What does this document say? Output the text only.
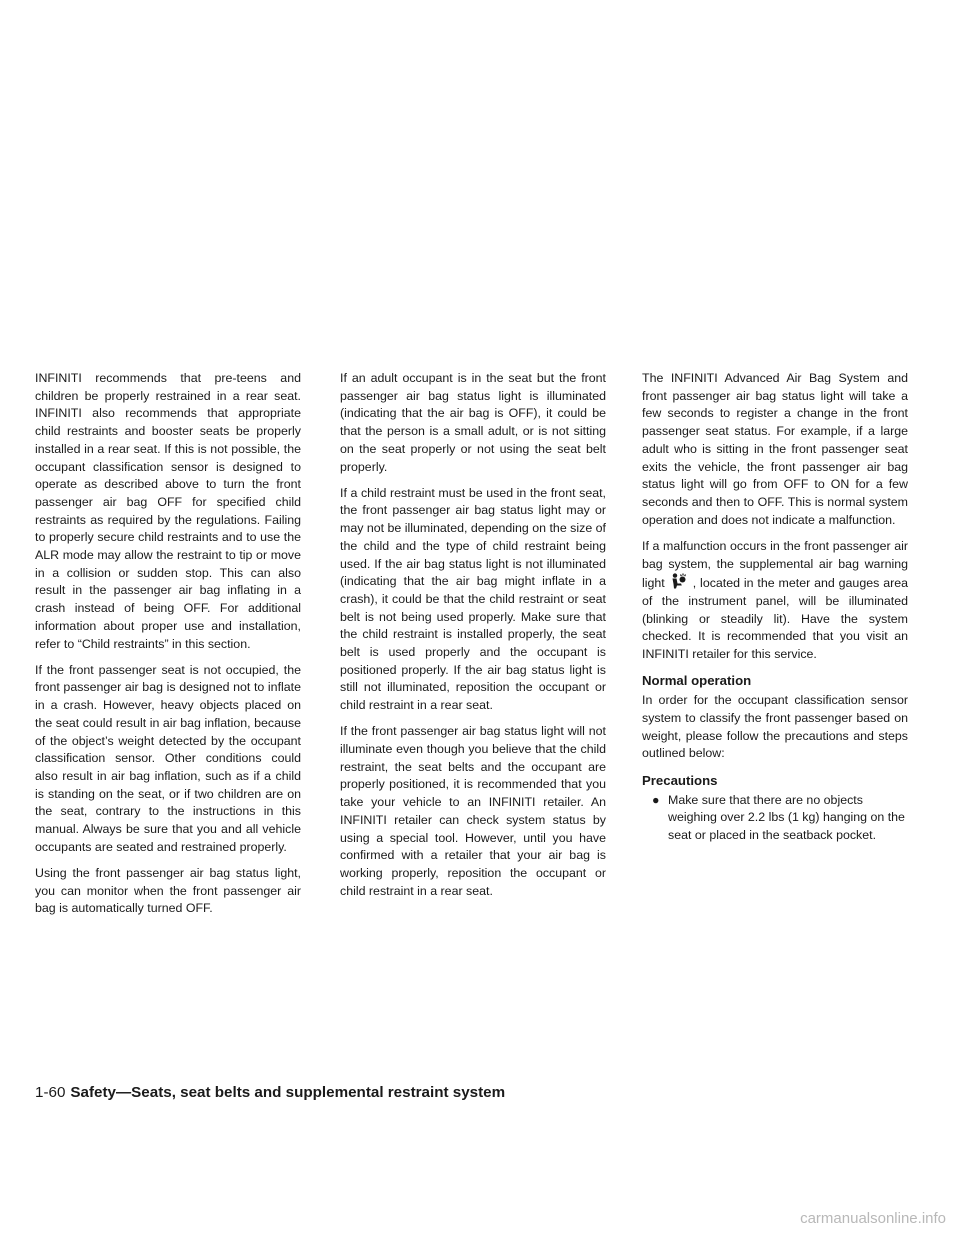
INFINITI recommends that pre-teens and children be properly restrained in a rear seat. INFINITI also recommends that appropriate child restraints and booster seats be properly installed in a rear seat. If this is not possible, the occupant classification sensor is designed to operate as described above to turn the front passenger air bag OFF for specified child restraints as required by the regulations. Failing to properly secure child restraints and to use the ALR mode may allow the restraint to tip or move in a collision or sudden stop. This can also result in the passenger air bag inflating in a crash instead of being OFF. For additional information about proper use and installation, refer to “Child restraints” in this section.

If the front passenger seat is not occupied, the front passenger air bag is designed not to inflate in a crash. However, heavy objects placed on the seat could result in air bag inflation, because of the object’s weight detected by the occupant classification sensor. Other conditions could also result in air bag inflation, such as if a child is standing on the seat, or if two children are on the seat, contrary to the instructions in this manual. Always be sure that you and all vehicle occupants are seated and restrained properly.

Using the front passenger air bag status light, you can monitor when the front passenger air bag is automatically turned OFF.

If an adult occupant is in the seat but the front passenger air bag status light is illuminated (indicating that the air bag is OFF), it could be that the person is a small adult, or is not sitting on the seat properly or not using the seat belt properly.

If a child restraint must be used in the front seat, the front passenger air bag status light may or may not be illuminated, depending on the size of the child and the type of child restraint being used. If the air bag status light is not illuminated (indicating that the air bag might inflate in a crash), it could be that the child restraint or seat belt is not being used properly. Make sure that the child restraint is installed properly, the seat belt is used properly and the occupant is positioned properly. If the air bag status light is still not illuminated, reposition the occupant or child restraint in a rear seat.

If the front passenger air bag status light will not illuminate even though you believe that the child restraint, the seat belts and the occupant are properly positioned, it is recommended that you take your vehicle to an INFINITI retailer. An INFINITI retailer can check system status by using a special tool. However, until you have confirmed with a retailer that your air bag is working properly, reposition the occupant or child restraint in a rear seat.

The INFINITI Advanced Air Bag System and front passenger air bag status light will take a few seconds to register a change in the front passenger seat status. For example, if a large adult who is sitting in the front passenger seat exits the vehicle, the front passenger air bag status light will go from OFF to ON for a few seconds and then to OFF. This is normal system operation and does not indicate a malfunction.

If a malfunction occurs in the front passenger air bag system, the supplemental air bag warning light , located in the meter and gauges area of the instrument panel, will be illuminated (blinking or steadily lit). Have the system checked. It is recommended that you visit an INFINITI retailer for this service.

Normal operation

In order for the occupant classification sensor system to classify the front passenger based on weight, please follow the precautions and steps outlined below:

Precautions
● Make sure that there are no objects weighing over 2.2 lbs (1 kg) hanging on the seat or placed in the seatback pocket.
1-60 Safety—Seats, seat belts and supplemental restraint system
carmanualsonline.info
